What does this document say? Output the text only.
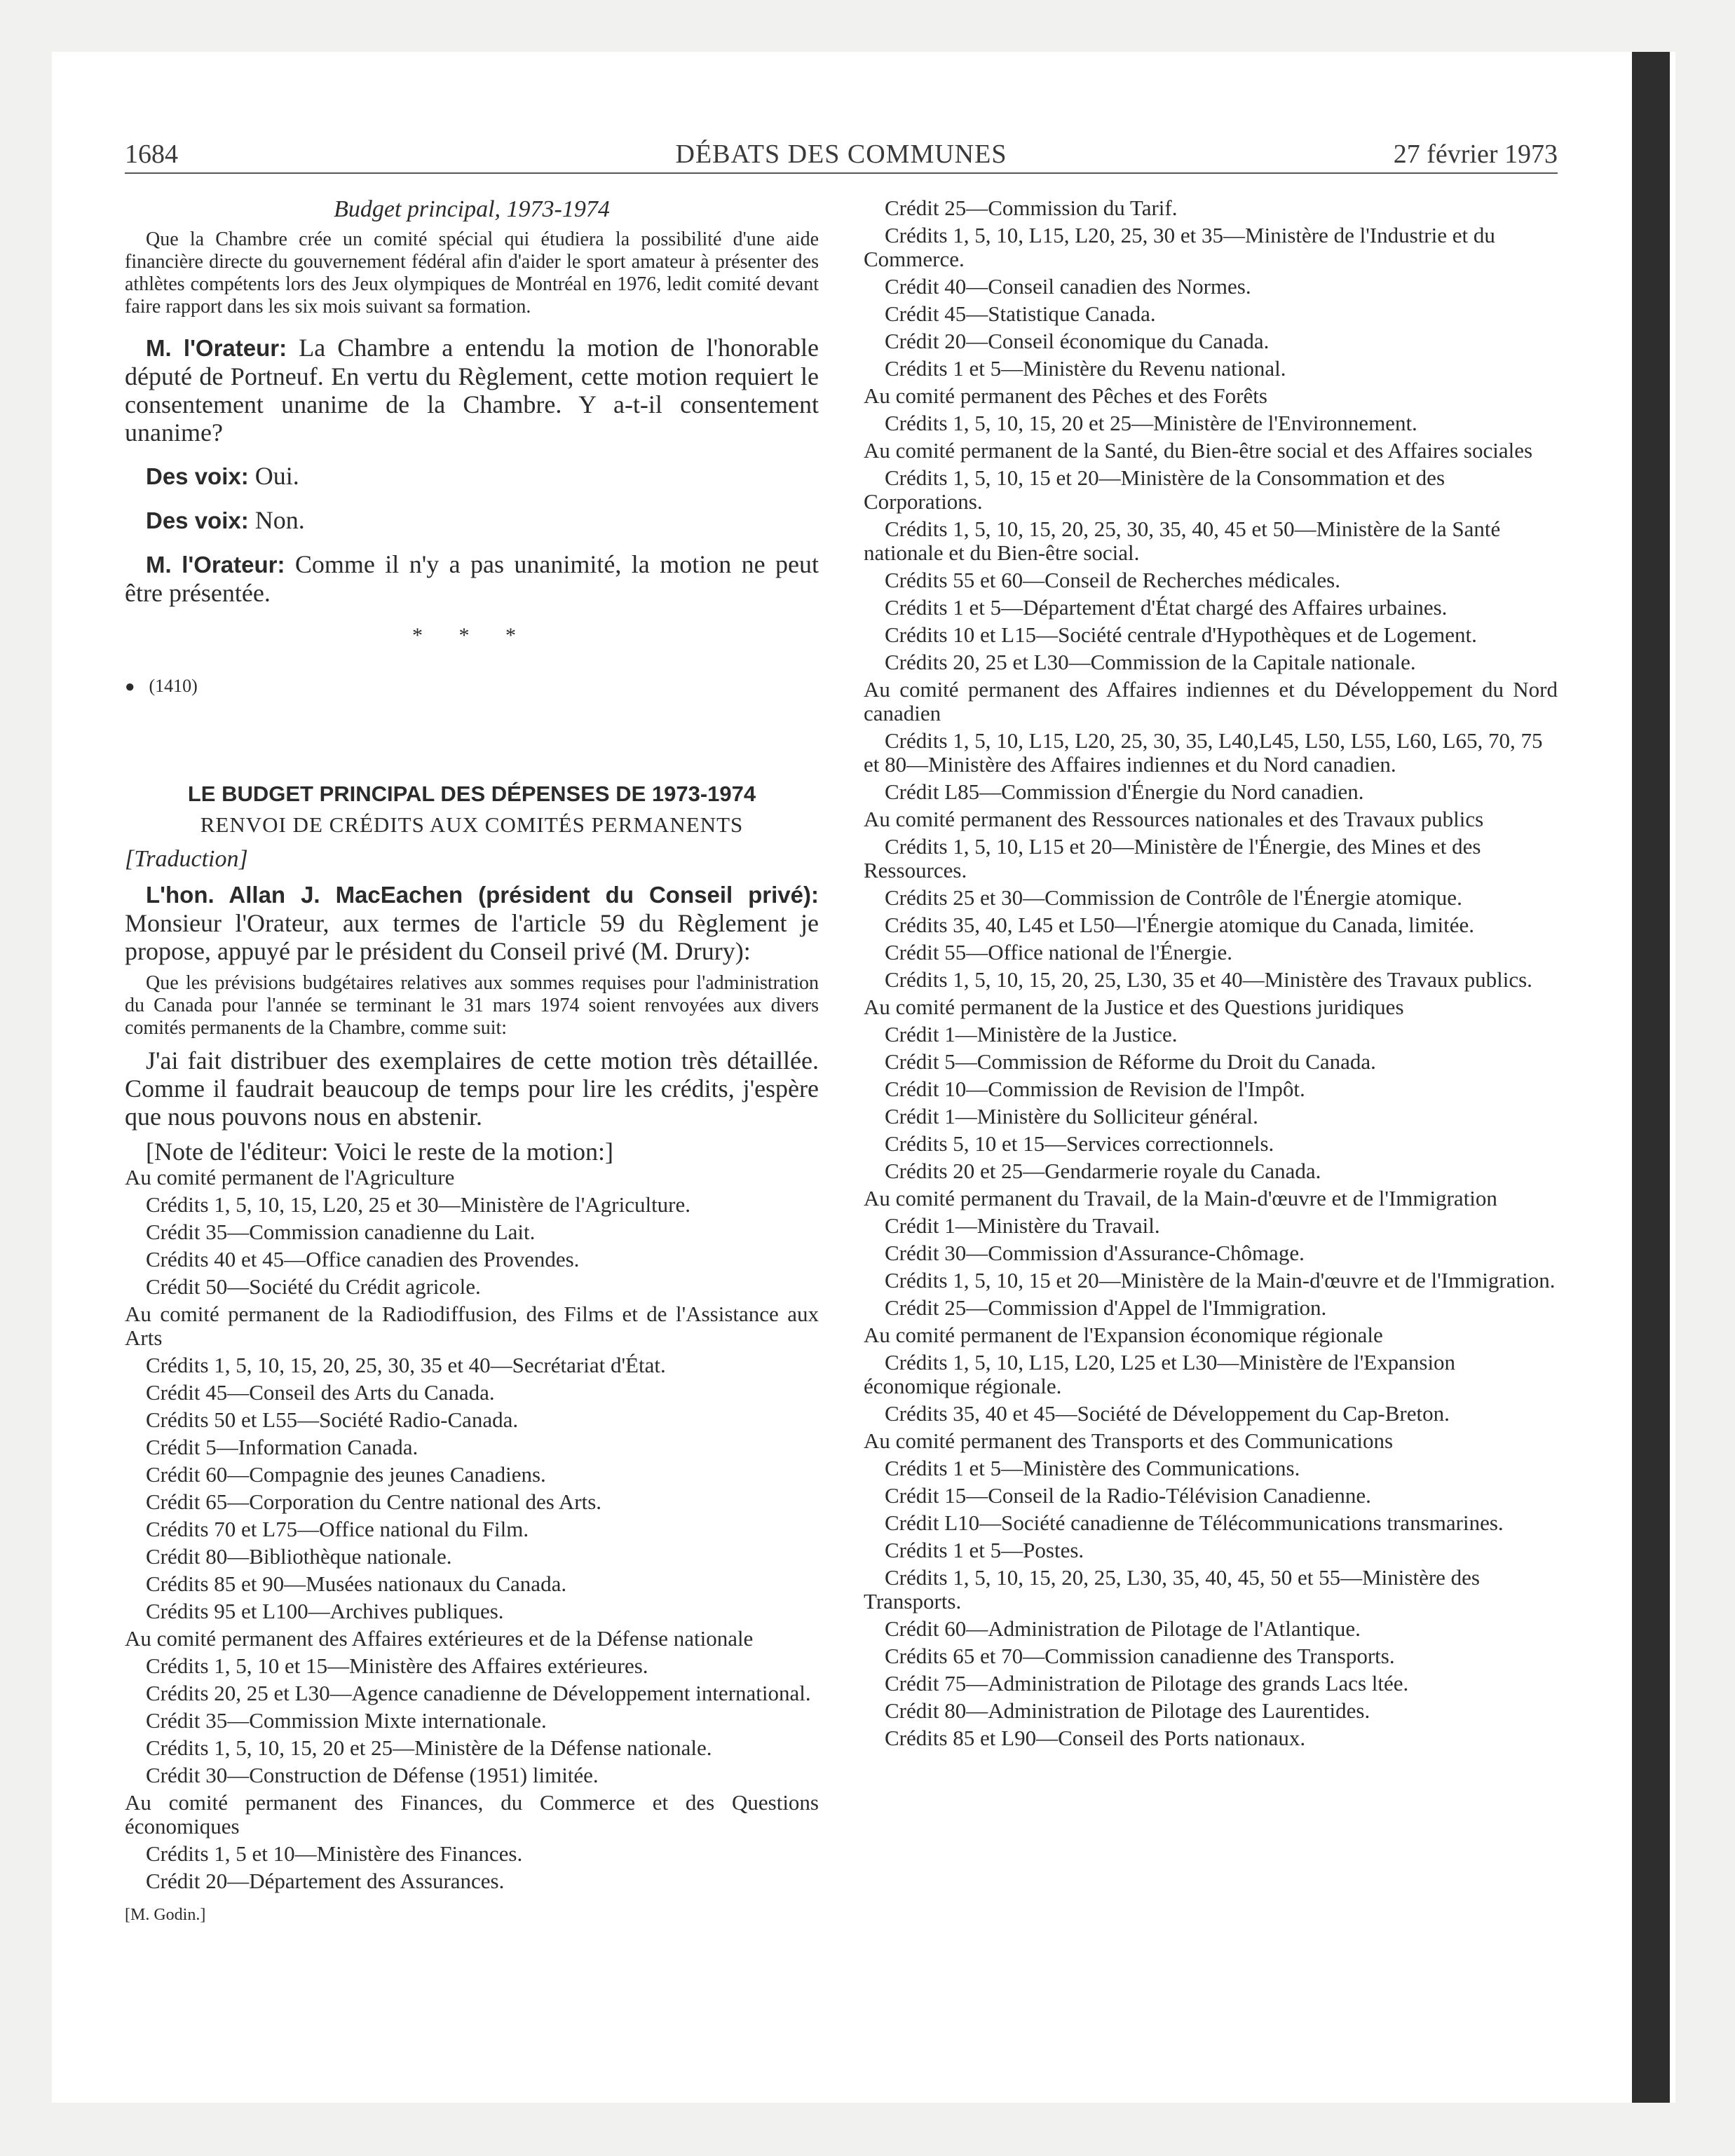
1684	DÉBATS DES COMMUNES	27 février 1973
Budget principal, 1973-1974

Que la Chambre crée un comité spécial qui étudiera la possibilité d'une aide financière directe du gouvernement fédéral afin d'aider le sport amateur à présenter des athlètes compétents lors des Jeux olympiques de Montréal en 1976, ledit comité devant faire rapport dans les six mois suivant sa formation.

M. l'Orateur: La Chambre a entendu la motion de l'honorable député de Portneuf. En vertu du Règlement, cette motion requiert le consentement unanime de la Chambre. Y a-t-il consentement unanime?

Des voix: Oui.

Des voix: Non.

M. l'Orateur: Comme il n'y a pas unanimité, la motion ne peut être présentée.

* * *
● (1410)
LE BUDGET PRINCIPAL DES DÉPENSES DE 1973-1974
RENVOI DE CRÉDITS AUX COMITÉS PERMANENTS
[Traduction]

L'hon. Allan J. MacEachen (président du Conseil privé): Monsieur l'Orateur, aux termes de l'article 59 du Règlement je propose, appuyé par le président du Conseil privé (M. Drury):

Que les prévisions budgétaires relatives aux sommes requises pour l'administration du Canada pour l'année se terminant le 31 mars 1974 soient renvoyées aux divers comités permanents de la Chambre, comme suit:

J'ai fait distribuer des exemplaires de cette motion très détaillée. Comme il faudrait beaucoup de temps pour lire les crédits, j'espère que nous pouvons nous en abstenir.

[Note de l'éditeur: Voici le reste de la motion:]

Au comité permanent de l'Agriculture

Crédits 1, 5, 10, 15, L20, 25 et 30—Ministère de l'Agriculture.

Crédit 35—Commission canadienne du Lait.

Crédits 40 et 45—Office canadien des Provendes.

Crédit 50—Société du Crédit agricole.

Au comité permanent de la Radiodiffusion, des Films et de l'Assistance aux Arts

Crédits 1, 5, 10, 15, 20, 25, 30, 35 et 40—Secrétariat d'État.

Crédit 45—Conseil des Arts du Canada.

Crédits 50 et L55—Société Radio-Canada.

Crédit 5—Information Canada.

Crédit 60—Compagnie des jeunes Canadiens.

Crédit 65—Corporation du Centre national des Arts.

Crédits 70 et L75—Office national du Film.

Crédit 80—Bibliothèque nationale.

Crédits 85 et 90—Musées nationaux du Canada.

Crédits 95 et L100—Archives publiques.

Au comité permanent des Affaires extérieures et de la Défense nationale

Crédits 1, 5, 10 et 15—Ministère des Affaires extérieures.

Crédits 20, 25 et L30—Agence canadienne de Développement international.

Crédit 35—Commission Mixte internationale.

Crédits 1, 5, 10, 15, 20 et 25—Ministère de la Défense nationale.

Crédit 30—Construction de Défense (1951) limitée.

Au comité permanent des Finances, du Commerce et des Questions économiques

Crédits 1, 5 et 10—Ministère des Finances.

Crédit 20—Département des Assurances.

[M. Godin.]

Crédit 25—Commission du Tarif.

Crédits 1, 5, 10, L15, L20, 25, 30 et 35—Ministère de l'Industrie et du Commerce.

Crédit 40—Conseil canadien des Normes.

Crédit 45—Statistique Canada.

Crédit 20—Conseil économique du Canada.

Crédits 1 et 5—Ministère du Revenu national.

Au comité permanent des Pêches et des Forêts

Crédits 1, 5, 10, 15, 20 et 25—Ministère de l'Environnement.

Au comité permanent de la Santé, du Bien-être social et des Affaires sociales

Crédits 1, 5, 10, 15 et 20—Ministère de la Consommation et des Corporations.

Crédits 1, 5, 10, 15, 20, 25, 30, 35, 40, 45 et 50—Ministère de la Santé nationale et du Bien-être social.

Crédits 55 et 60—Conseil de Recherches médicales.

Crédits 1 et 5—Département d'État chargé des Affaires urbaines.

Crédits 10 et L15—Société centrale d'Hypothèques et de Logement.

Crédits 20, 25 et L30—Commission de la Capitale nationale.

Au comité permanent des Affaires indiennes et du Développement du Nord canadien

Crédits 1, 5, 10, L15, L20, 25, 30, 35, L40,L45, L50, L55, L60, L65, 70, 75 et 80—Ministère des Affaires indiennes et du Nord canadien.

Crédit L85—Commission d'Énergie du Nord canadien.

Au comité permanent des Ressources nationales et des Travaux publics

Crédits 1, 5, 10, L15 et 20—Ministère de l'Énergie, des Mines et des Ressources.

Crédits 25 et 30—Commission de Contrôle de l'Énergie atomique.

Crédits 35, 40, L45 et L50—l'Énergie atomique du Canada, limitée.

Crédit 55—Office national de l'Énergie.

Crédits 1, 5, 10, 15, 20, 25, L30, 35 et 40—Ministère des Travaux publics.

Au comité permanent de la Justice et des Questions juridiques

Crédit 1—Ministère de la Justice.

Crédit 5—Commission de Réforme du Droit du Canada.

Crédit 10—Commission de Revision de l'Impôt.

Crédit 1—Ministère du Solliciteur général.

Crédits 5, 10 et 15—Services correctionnels.

Crédits 20 et 25—Gendarmerie royale du Canada.

Au comité permanent du Travail, de la Main-d'œuvre et de l'Immigration

Crédit 1—Ministère du Travail.

Crédit 30—Commission d'Assurance-Chômage.

Crédits 1, 5, 10, 15 et 20—Ministère de la Main-d'œuvre et de l'Immigration.

Crédit 25—Commission d'Appel de l'Immigration.

Au comité permanent de l'Expansion économique régionale

Crédits 1, 5, 10, L15, L20, L25 et L30—Ministère de l'Expansion économique régionale.

Crédits 35, 40 et 45—Société de Développement du Cap-Breton.

Au comité permanent des Transports et des Communications

Crédits 1 et 5—Ministère des Communications.

Crédit 15—Conseil de la Radio-Télévision Canadienne.

Crédit L10—Société canadienne de Télécommunications transmarines.

Crédits 1 et 5—Postes.

Crédits 1, 5, 10, 15, 20, 25, L30, 35, 40, 45, 50 et 55—Ministère des Transports.

Crédit 60—Administration de Pilotage de l'Atlantique.

Crédits 65 et 70—Commission canadienne des Transports.

Crédit 75—Administration de Pilotage des grands Lacs ltée.

Crédit 80—Administration de Pilotage des Laurentides.

Crédits 85 et L90—Conseil des Ports nationaux.
